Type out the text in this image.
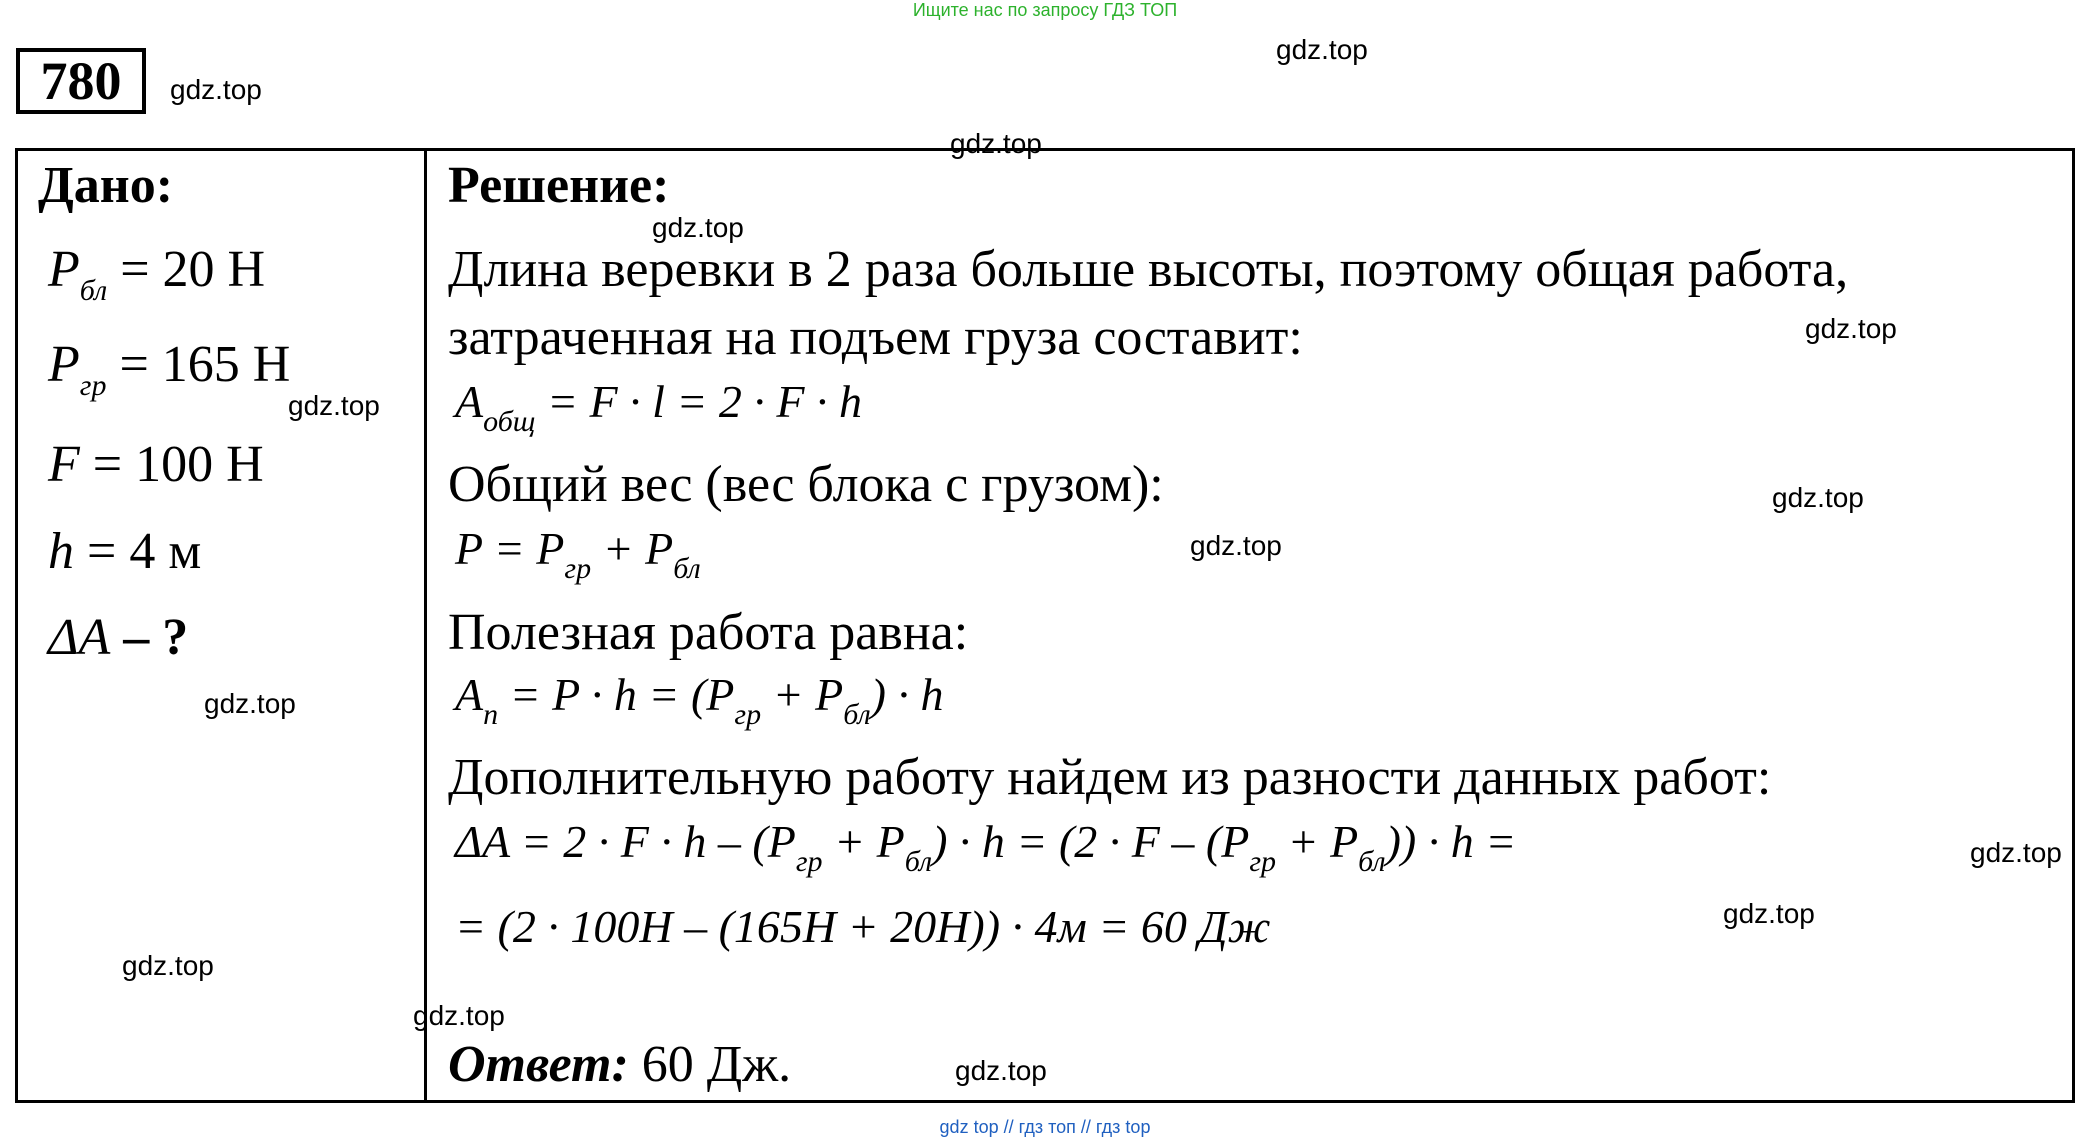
Ищите нас по запросу ГДЗ ТОП
780
Дано:
$P_{бл} = 20$ Н
$P_{гр} = 165$ Н
F = 100 Н
h = 4 м
ΔA – ?
Решение:
Длина веревки в 2 раза больше высоты, поэтому общая работа,
затраченная на подъем груза составит:
$A_{общ} = F \cdot l = 2 \cdot F \cdot h$
Общий вес (вес блока с грузом):
$P = P_{гр} + P_{бл}$
Полезная работа равна:
$A_п = P \cdot h = (P_{гр} + P_{бл}) \cdot h$
Дополнительную работу найдем из разности данных работ:
$\Delta A = 2 \cdot F \cdot h - (P_{гр} + P_{бл}) \cdot h = (2 \cdot F - (P_{гр} + P_{бл})) \cdot h$ =
= (2 · 100H – (165H + 20H)) · 4м = 60 Дж
Ответ: 60 Дж.
gdz.top
gdz.top
gdz.top
gdz.top
gdz.top
gdz.top
gdz.top
gdz.top
gdz.top
gdz.top
gdz.top
gdz.top
gdz.top
gdz.top
gdz top // гдз топ // гдз top
